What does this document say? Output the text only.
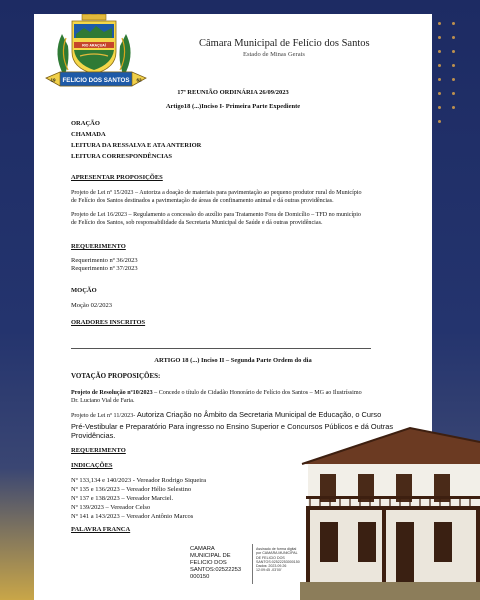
RIO ARAÇUAÍ
FELICIO DOS SANTOS
19	62
Câmara Municipal de Felício dos Santos
Estado de Minas Gerais
17ª REUNIÃO ORDINÁRIA 26/09/2023
Artigo18 (...)Inciso I- Primeira Parte Expediente
ORAÇÃO
CHAMADA
LEITURA DA RESSALVA E ATA ANTERIOR
LEITURA CORRESPONDÊNCIAS
APRESENTAR PROPOSIÇÕES
Projeto de Lei nº 15/2023 – Autoriza a doação de materiais para pavimentação ao pequeno produtor rural do Município
de Felício dos Santos destinados a pavimentação de áreas de confinamento animal e dá outras providências.
Projeto de Lei 16/2023 – Regulamento a concessão do auxílio para Tratamento Fora de Domicílio – TFD no município
de Felício dos Santos, sob responsabilidade da Secretaria Municipal de Saúde e dá outras providências.
REQUERIMENTO
Requerimento nº 36/2023
Requerimento nº 37/2023
MOÇÃO
Moção 02/2023
ORADORES INSCRITOS
ARTIGO 18 (...) Inciso II – Segunda Parte Ordem do dia
VOTAÇÃO PROPOSIÇÕES:
Projeto de Resolução nº10/2023 – Concede o título de Cidadão Honorário de Felício dos Santos – MG ao Ilustríssimo
Dr. Luciano Vial de Faria.
Projeto de Lei nº 11/2023- Autoriza Criação no Âmbito da Secretaria Municipal de Educação, o Curso
Pré-Vestibular e Preparatório Para ingresso no Ensino Superior e Concursos Públicos e dá Outras
Providências.
REQUERIMENTO
INDICAÇÕES
Nº 133,134 e 140/2023 - Vereador Rodrigo Siqueira
Nº 135 e 136/2023 – Vereador Hélio Selestino
Nº 137 e 138/2023 – Vereador Marciel.
Nº 139/2023 – Vereador Celso
Nº 141 a 143/2023 – Vereador Antônio Marcos
PALAVRA FRANCA
CAMARA
MUNICIPAL DE
FELICIO DOS
SANTOS:02522253
000150
Assinado de forma digital
por CAMARA MUNICIPAL
DE FELICIO DOS
SANTOS:02522253000150
Dados: 2023.09.26
12:09:45 -03'00'
